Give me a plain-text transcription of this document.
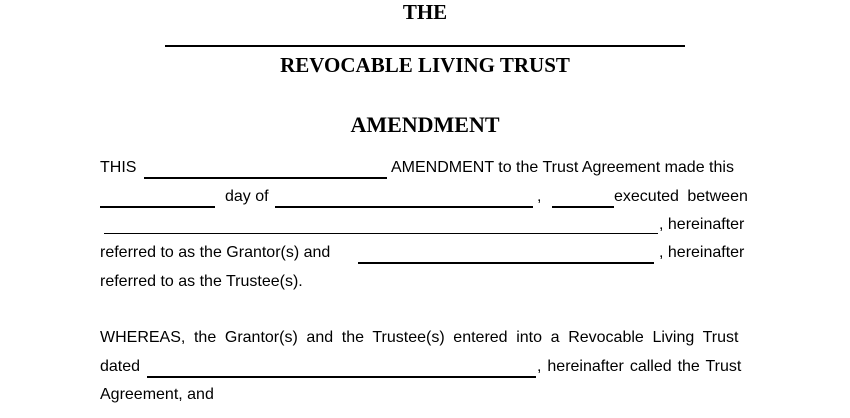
THE
REVOCABLE LIVING TRUST
AMENDMENT
THIS	AMENDMENT to the Trust Agreement made this
day of	,	executed between
, hereinafter
referred to as the Grantor(s) and	, hereinafter
referred to as the Trustee(s).
WHEREAS, the Grantor(s) and the Trustee(s) entered into a Revocable Living Trust
dated	, hereinafter called the Trust
Agreement, and
